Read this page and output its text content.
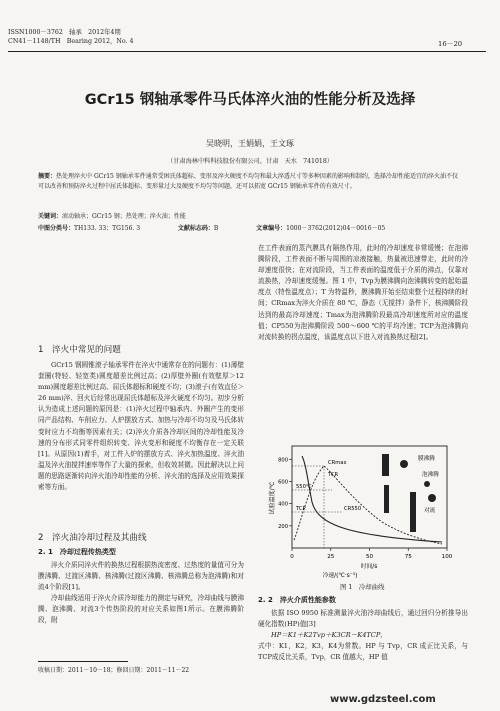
ISSN1000－3762　 轴承　 2012年4期
CN41－1148/TH　 Bearing 2012，No. 4	16－20
GCr15 钢轴承零件马氏体淬火油的性能分析及选择
吴晓明，王娟娟，王文琢
（甘肃海林中科科技股份有限公司，甘肃　天水　741018）
摘要：热处理淬火中 GCr15 钢轴承零件通常受困氏体超标、变形及淬火硬度不均匀和最大淬透尺寸等多种因素的影响和制约，选择冷却性能适宜的淬火油不仅可以改善和预防淬火过程中屈氏体超标、变形量过大及硬度不均匀等问题，还可以拓宽 GCr15 钢轴承零件的有效尺寸。
关键词：滚动轴承；GCr15 钢；热处理；淬火油；性能
中图分类号：TH133. 33；TG156. 3	文献标志码：B	文章编号：1000－3762(2012)04－0016－05
1　淬火中常见的问题

GCr15 钢圆锥滚子轴承零件在淬火中通常存在的问题有：(1)薄壁套圈(特轻、轻宽类)圆度超差比例过高；(2)厚壁外圈(有效壁厚＞12 mm)圆度超差比例过高、屈氏体超标和硬度不均；(3)滚子(有效直径＞26 mm)淬、回火后经常出现屈氏体超标及淬火硬度不均匀。初步分析认为造成上述问题的原因是：(1)淬火过程中轴承内、外圈产生的变形同产品结构、车削应力、人炉摆放方式、加热与冷却不均匀及马氏体转变时应力不均衡等因素有关；(2)淬火介质各冷却区间的冷却性能及冷速的分布形式同零件组织转变、淬火变形和硬度不均衡存在一定关联[1]。从原因(1)着手，对工件入炉的摆放方式、淬火加热温度、淬火油温及淬火油搅拌速率等作了大量的探索，但收效甚微。因此解决以上问题的思路逐渐转向淬火油冷却性能的分析、淬火油的选择及应用效果探索等方面。

2　淬火油冷却过程及其曲线
2. 1　冷却过程传热类型

淬火介质同淬火件的换热过程根据热流密度、过热度的量值可分为膜沸腾、过渡区沸腾、核沸腾(过渡区沸腾、核沸腾总称为泡沸腾)和对流4个阶段[1]。

冷却曲线适用于淬火介质冷却能力的测定与研究，冷却曲线与膜沸腾、泡沸腾、对流3个传热阶段的对应关系如图1所示。在膜沸腾阶段，附

收稿日期：2011－10－18；修回日期：2011－11－22

在工件表面的蒸汽膜具有隔热作用，此时的冷却速度非常缓慢；在泡沸腾阶段，工件表面不断与周围的凉液接触，热量被迅速带走，此时的冷却速度很快；在对流阶段，当工件表面的温度低于介质的沸点，仅靠对流换热，冷却速度缓慢。图 1 中，Tvp为膜沸腾向泡沸腾转变的起始温度点（特性温度点）；T 为特温秒，膜沸腾开始至结束整个过程持续的时间；CRmax为淬火介质在 80 ℃，静态（无搅拌）条件下，核沸腾阶段达到的最高冷却速度；Tmax为泡沸腾阶段最高冷却速度所对应的温度值；CP550为泡沸腾阶段 500～600 ℃的平均冷速；TCP为泡沸腾向对流转换的拐点温度，该温度点以下进入对流换热过程[2]。

试验温度/℃
200
400
600
800	膜沸腾
泡沸腾
对流
CRmax
TCR
550℃
TCP	CR550
0	25	50	75	100
时间/s
冷速/(℃·s⁻¹)
图 1　冷却曲线
2. 2　淬火介质性能参数

依据 ISO 9950 标准测量淬火油冷却曲线后，通过回归分析推导出硬化指数(HP)值[3]

HP＝K1＋K2Tvp＋K3CR－K4TCP，

式中：K1，K2，K3，K4为常数。HP 与 Tvp，CR 成正比关系，与 TCP成反比关系，Tvp，CR 值越大，HP 值

www.gdzsteel.com
